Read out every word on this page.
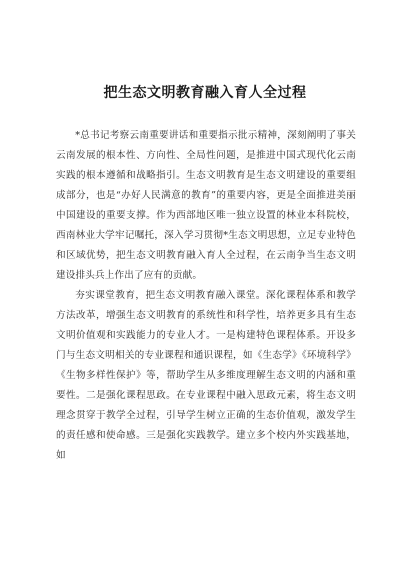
把生态文明教育融入育人全过程

*总书记考察云南重要讲话和重要指示批示精神，深刻阐明了事关云南发展的根本性、方向性、全局性问题，是推进中国式现代化云南实践的根本遵循和战略指引。生态文明教育是生态文明建设的重要组成部分，也是“办好人民满意的教育”的重要内容，更是全面推进美丽中国建设的重要支撑。作为西部地区唯一独立设置的林业本科院校，西南林业大学牢记嘱托，深入学习贯彻*生态文明思想，立足专业特色和区域优势，把生态文明教育融入育人全过程，在云南争当生态文明建设排头兵上作出了应有的贡献。

夯实课堂教育，把生态文明教育融入课堂。深化课程体系和教学方法改革，增强生态文明教育的系统性和科学性，培养更多具有生态文明价值观和实践能力的专业人才。一是构建特色课程体系。开设多门与生态文明相关的专业课程和通识课程，如《生态学》《环境科学》《生物多样性保护》等，帮助学生从多维度理解生态文明的内涵和重要性。二是强化课程思政。在专业课程中融入思政元素，将生态文明理念贯穿于教学全过程，引导学生树立正确的生态价值观，激发学生的责任感和使命感。三是强化实践教学。建立多个校内外实践基地，如
